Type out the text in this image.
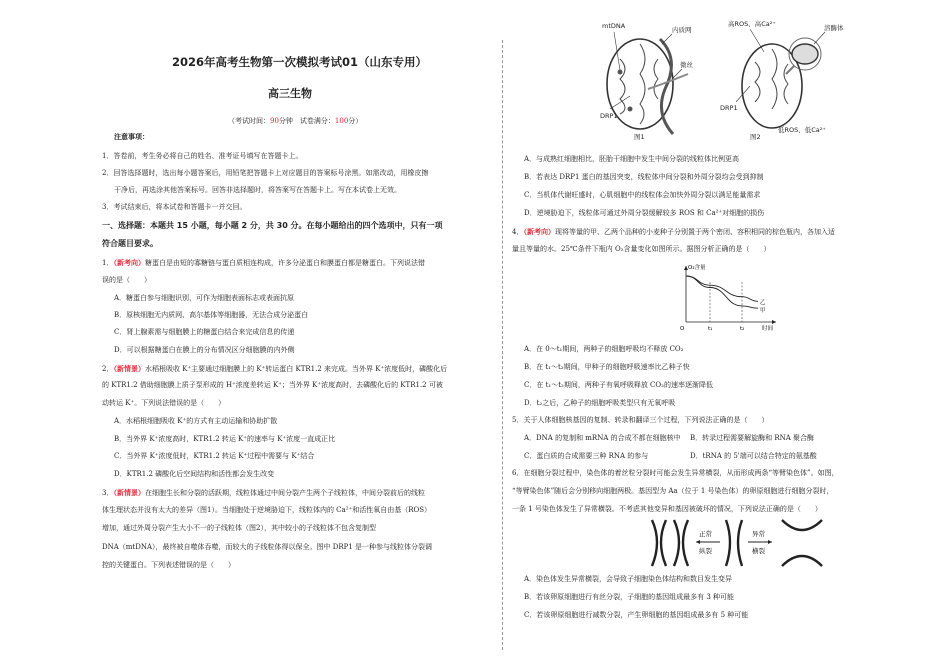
2026年高考生物第一次模拟考试01（山东专用）
高三生物
（考试时间：90分钟　试卷满分：100分）
注意事项：
1．答卷前，考生务必将自己的姓名、准考证号填写在答题卡上。
2．回答选择题时，选出每小题答案后，用铅笔把答题卡上对应题目的答案标号涂黑。如需改动，用橡皮擦
干净后，再选涂其他答案标号。回答非选择题时，将答案写在答题卡上。写在本试卷上无效。
3．考试结束后，将本试卷和答题卡一并交回。
一、选择题：本题共 15 小题，每小题 2 分，共 30 分。在每小题给出的四个选项中，只有一项
符合题目要求。
1．（新考向）糖蛋白是由短的寡糖链与蛋白质相连构成，许多分泌蛋白和膜蛋白都是糖蛋白。下列说法错
误的是（　　）
A．糖蛋白参与细胞识别，可作为细胞表面标志或表面抗原
B．原核细胞无内质网、高尔基体等细胞器，无法合成分泌蛋白
C．肾上腺素需与细胞膜上的糖蛋白结合来完成信息的传递
D．可以根据糖蛋白在膜上的分布情况区分细胞膜的内外侧
2．（新情景）水稻根吸收 K⁺主要通过细胞膜上的 K⁺转运蛋白 KTR1.2 来完成。当外界 K⁺浓度低时，磷酸化后
的 KTR1.2 借助细胞膜上质子泵形成的 H⁺浓度差转运 K⁺；当外界 K⁺浓度高时，去磷酸化后的 KTR1.2 可被
动转运 K⁺。下列说法错误的是（　　）
A．水稻根细胞吸收 K⁺的方式有主动运输和协助扩散
B．当外界 K⁺浓度高时，KTR1.2 转运 K⁺的速率与 K⁺浓度一直成正比
C．当外界 K⁺浓度低时，KTR1.2 转运 K⁺过程中需要与 K⁺结合
D．KTR1.2 磷酸化后空间结构和活性都会发生改变
3．（新情景）在细胞生长和分裂的活跃期，线粒体通过中间分裂产生两个子线粒体，中间分裂前后的线粒
体生理状态并没有太大的差异（图1）。当细胞处于逆境胁迫下，线粒体内的 Ca²⁺和活性氧自由基（ROS）
增加，通过外周分裂产生大小不一的子线粒体（图2），其中较小的子线粒体不包含复制型
DNA（mtDNA），最终被自噬体吞噬，而较大的子线粒体得以保全。图中 DRP1 是一种参与线粒体分裂调
控的关键蛋白。下列表述错误的是（　　）
mtDNA	内质网
微丝
DRP1
图1
高ROS、高Ca²⁺	溶酶体
DRP1
低ROS、低Ca²⁺
图2
A．与成熟红细胞相比，胚胎干细胞中发生中间分裂的线粒体比例更高
B．若表达 DRP1 蛋白的基因突变，线粒体中间分裂和外周分裂均会受到抑制
C．当机体代谢旺盛时，心肌细胞中的线粒体会加快外周分裂以满足能量需求
D．逆境胁迫下，线粒体可通过外周分裂缓解较多 ROS 和 Ca²⁺对细胞的损伤
4．（新考向）现将等量的甲、乙两个品种的小麦种子分别置于两个密闭、容积相同的棕色瓶内，各加入适
量且等量的水。25℃条件下瓶内 O₂含量变化如图所示。据图分析正确的是（　　）
O₂含量
时间
O	t₁	t₂
乙
甲
A．在 0～t₁期间，两种子的细胞呼吸均不释放 CO₂
B．在 t₁～t₂期间，甲种子的细胞呼吸速率比乙种子快
C．在 t₁～t₂期间，两种子有氧呼吸释放 CO₂的速率逐渐降低
D．t₂之后，乙种子的细胞呼吸类型只有无氧呼吸
5．关于人体细胞核基因的复制、转录和翻译三个过程，下列说法正确的是（　　）
A．DNA 的复制和 mRNA 的合成不都在细胞核中 B．转录过程需要解旋酶和 RNA 聚合酶
C．蛋白质的合成需要三种 RNA 的参与	D．tRNA 的 5'端可以结合特定的氨基酸
6．在细胞分裂过程中，染色体的着丝粒分裂时可能会发生异常横裂，从而形成两条“等臂染色体”。如图，
“等臂染色体”随后会分别移向细胞两极。基因型为 Aa（位于 1 号染色体）的卵原细胞进行细胞分裂时，
一条 1 号染色体发生了异常横裂。不考虑其他变异和基因被破坏的情况，下列说法正确的是（　　）
正常
纵裂
异常
横裂
A．染色体发生异常横裂，会导致子细胞染色体结构和数目发生变异
B．若该卵原细胞进行有丝分裂，子细胞的基因组成最多有 3 种可能
C．若该卵原细胞进行减数分裂，产生卵细胞的基因组成最多有 5 种可能
